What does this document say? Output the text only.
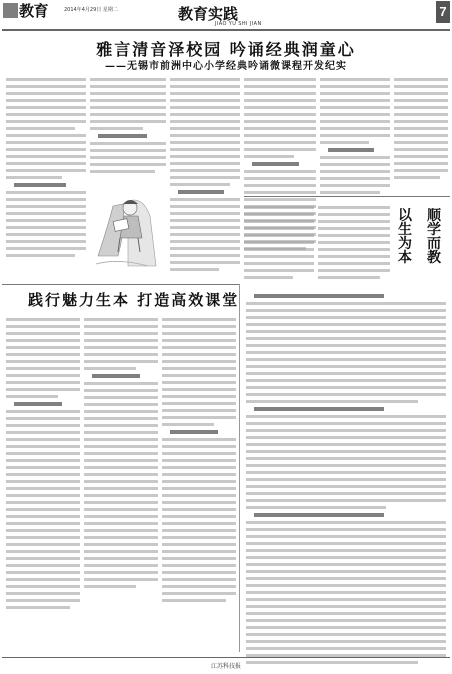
教育	2014年4月29日 星期二	教育实践
JIAO YU SHI JIAN
7
雅言清音泽校园 吟诵经典润童心
——无锡市前洲中心小学经典吟诵微课程开发纪实
践行魅力生本 打造高效课堂
以生为本
顺学而教
江苏科技报
